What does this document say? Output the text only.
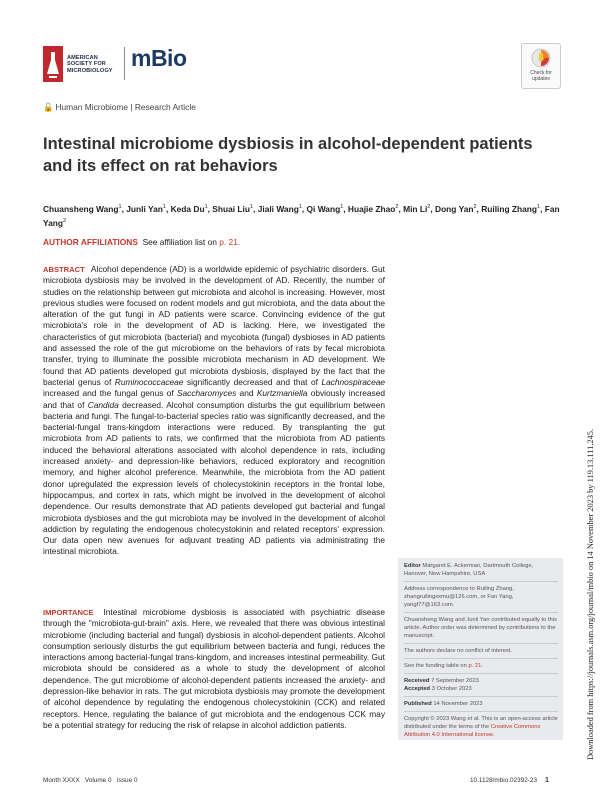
AMERICAN
SOCIETY FOR
MICROBIOLOGY mBio
Check for updates
🔓 Human Microbiome | Research Article
Intestinal microbiome dysbiosis in alcohol-dependent patients and its effect on rat behaviors
Chuansheng Wang$^1$, Junli Yan$^1$, Keda Du$^1$, Shuai Liu$^1$, Jiali Wang$^1$, Qi Wang$^1$, Huajie Zhao$^2$, Min Li$^2$, Dong Yan$^2$, Ruiling Zhang$^1$, Fan Yang$^2$
AUTHOR AFFILIATIONS See affiliation list on p. 21.
ABSTRACT Alcohol dependence (AD) is a worldwide epidemic of psychiatric disorders. Gut microbiota dysbiosis may be involved in the development of AD. Recently, the number of studies on the relationship between gut microbiota and alcohol is increasing. However, most previous studies were focused on rodent models and gut microbiota, and the data about the alteration of the gut fungi in AD patients were scarce. Convincing evidence of the gut microbiota's role in the development of AD is lacking. Here, we investigated the characteristics of gut microbiota (bacterial) and mycobiota (fungal) dysbioses in AD patients and assessed the role of the gut microbiome on the behaviors of rats by fecal microbiota transfer, trying to illuminate the possible microbiota mechanism in AD development. We found that AD patients developed gut microbiota dysbiosis, displayed by the fact that the bacterial genus of Ruminococcaceae significantly decreased and that of Lachnospiraceae increased and the fungal genus of Saccharomyces and Kurtzmaniella obviously increased and that of Candida decreased. Alcohol consumption disturbs the gut equilibrium between bacteria and fungi. The fungal-to-bacterial species ratio was significantly decreased, and the bacterial-fungal trans-kingdom interactions were reduced. By transplanting the gut microbiota from AD patients to rats, we confirmed that the microbiota from AD patients induced the behavioral alterations associated with alcohol dependence in rats, including increased anxiety- and depression-like behaviors, reduced exploratory and recognition memory, and higher alcohol preference. Meanwhile, the microbiota from the AD patient donor upregulated the expression levels of cholecystokinin receptors in the frontal lobe, hippocampus, and cortex in rats, which might be involved in the development of alcohol dependence. Our results demonstrate that AD patients developed gut bacterial and fungal microbiota dysbioses and the gut microbiota may be involved in the development of alcohol addiction by regulating the endogenous cholecystokinin and related receptors' expression. Our data open new avenues for adjuvant treating AD patients via administrating the intestinal microbiota.
IMPORTANCE Intestinal microbiome dysbiosis is associated with psychiatric disease through the "microbiota-gut-brain" axis. Here, we revealed that there was obvious intestinal microbiome (including bacterial and fungal) dysbiosis in alcohol-dependent patients. Alcohol consumption seriously disturbs the gut equilibrium between bacteria and fungi, reduces the interactions among bacterial-fungal trans-kingdom, and increases intestinal permeability. Gut microbiota should be considered as a whole to study the development of alcohol dependence. The gut microbiome of alcohol-dependent patients increased the anxiety- and depression-like behavior in rats. The gut microbiota dysbiosis may promote the development of alcohol dependence by regulating the endogenous cholecystokinin (CCK) and related receptors. Hence, regulating the balance of gut microbiota and the endogenous CCK may be a potential strategy for reducing the risk of relapse in alcohol addiction patients.

Editor Margaret E. Ackerman, Dartmouth College, Hanover, New Hampshire, USA

Address correspondence to Ruiling Zhang, zhangruilingxxmu@126.com, or Fan Yang, yangf77@163.com.

Chuansheng Wang and Junli Yan contributed equally to this article. Author order was determined by contributions to the manuscript.

The authors declare no conflict of interest.

See the funding table on p. 21.

Received 7 September 2023

Accepted 3 October 2023

Published 14 November 2023

Copyright © 2023 Wang et al. This is an open-access article distributed under the terms of the Creative Commons Attribution 4.0 International license.

Month XXXX   Volume 0   Issue 0	10.1128/mbio.02392-23 1
Downloaded from https://journals.asm.org/journal/mbio on 14 November 2023 by 119.13.111.245.
